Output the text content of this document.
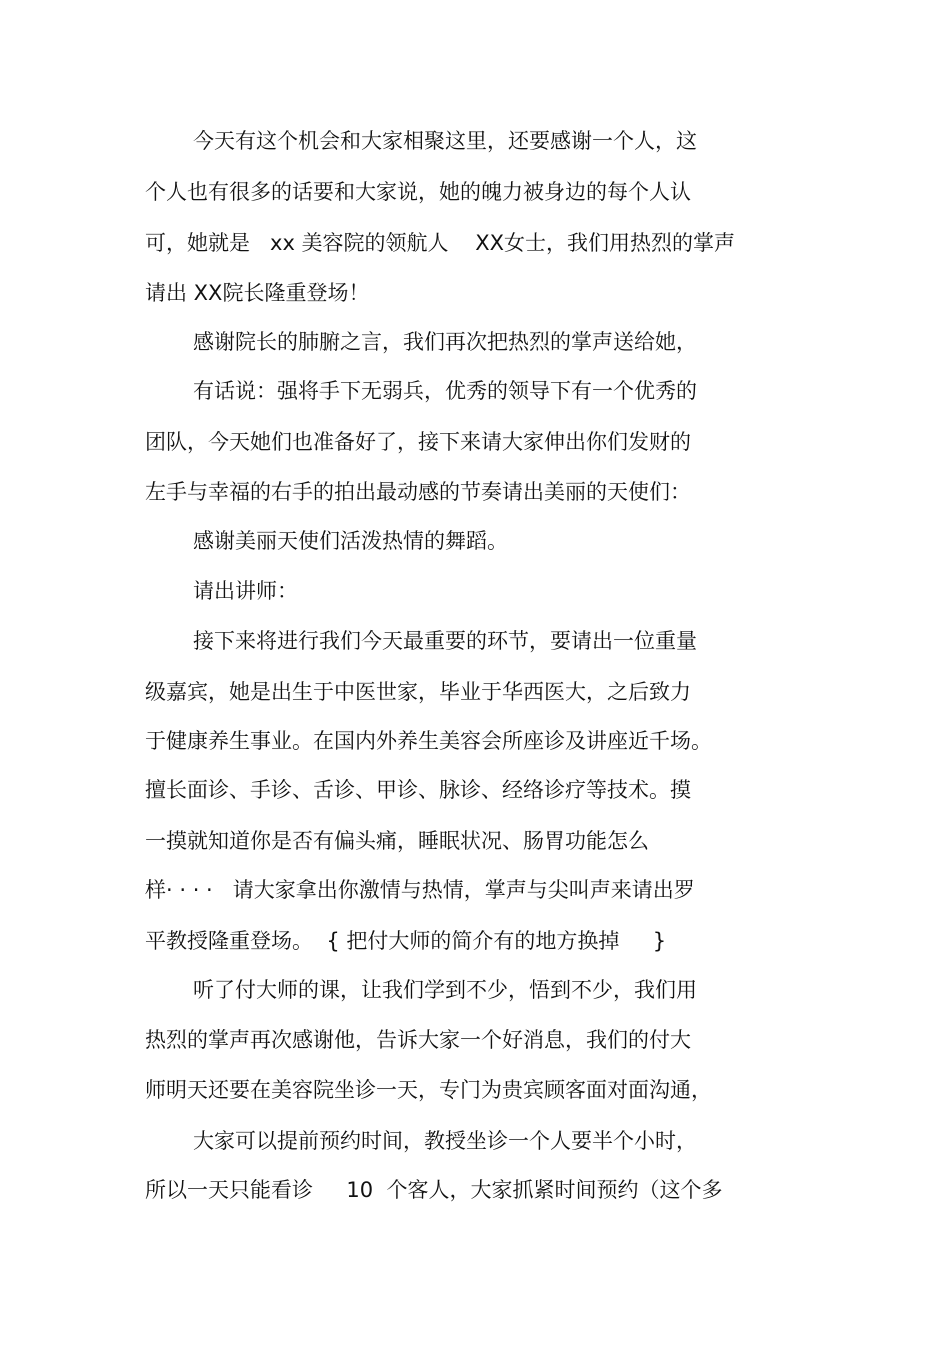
今天有这个机会和大家相聚这里，还要感谢一个人，这
个人也有很多的话要和大家说，她的魄力被身边的每个人认
可，她就是   xx 美容院的领航人    XX女士，我们用热烈的掌声
请出 XX院长隆重登场！
感谢院长的肺腑之言，我们再次把热烈的掌声送给她，
有话说：强将手下无弱兵，优秀的领导下有一个优秀的
团队，今天她们也准备好了，接下来请大家伸出你们发财的
左手与幸福的右手的拍出最动感的节奏请出美丽的天使们：
感谢美丽天使们活泼热情的舞蹈。
请出讲师：
接下来将进行我们今天最重要的环节，要请出一位重量
级嘉宾，她是出生于中医世家，毕业于华西医大，之后致力
于健康养生事业。在国内外养生美容会所座诊及讲座近千场。
擅长面诊、手诊、舌诊、甲诊、脉诊、经络诊疗等技术。摸
一摸就知道你是否有偏头痛，睡眠状况、肠胃功能怎么
样· · · ·   请大家拿出你激情与热情，掌声与尖叫声来请出罗
平教授隆重登场。  { 把付大师的简介有的地方换掉     }
听了付大师的课，让我们学到不少，悟到不少，我们用
热烈的掌声再次感谢他，告诉大家一个好消息，我们的付大
师明天还要在美容院坐诊一天，专门为贵宾顾客面对面沟通，
大家可以提前预约时间，教授坐诊一个人要半个小时，
所以一天只能看诊     10  个客人，大家抓紧时间预约（这个多
